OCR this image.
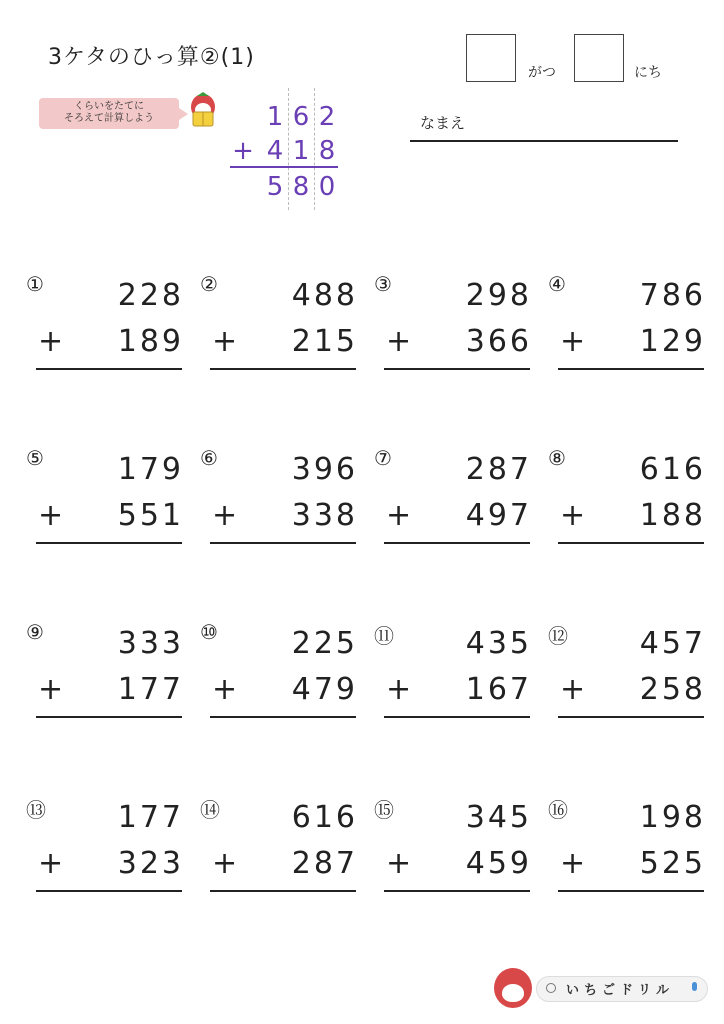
3ケタのひっ算②(1)
がつ	にち
なまえ
くらいをたてに
そろえて計算しよう	1 6 2
+ 4 1 8
5 8 0
① 228
+ 189
② 488
+ 215
③ 298
+ 366
④ 786
+ 129
⑤ 179
+ 551
⑥ 396
+ 338
⑦ 287
+ 497
⑧ 616
+ 188
⑨ 333
+ 177
⑩ 225
+ 479
⑪ 435
+ 167
⑫ 457
+ 258
⑬ 177
+ 323
⑭ 616
+ 287
⑮ 345
+ 459
⑯ 198
+ 525
いちごドリル
